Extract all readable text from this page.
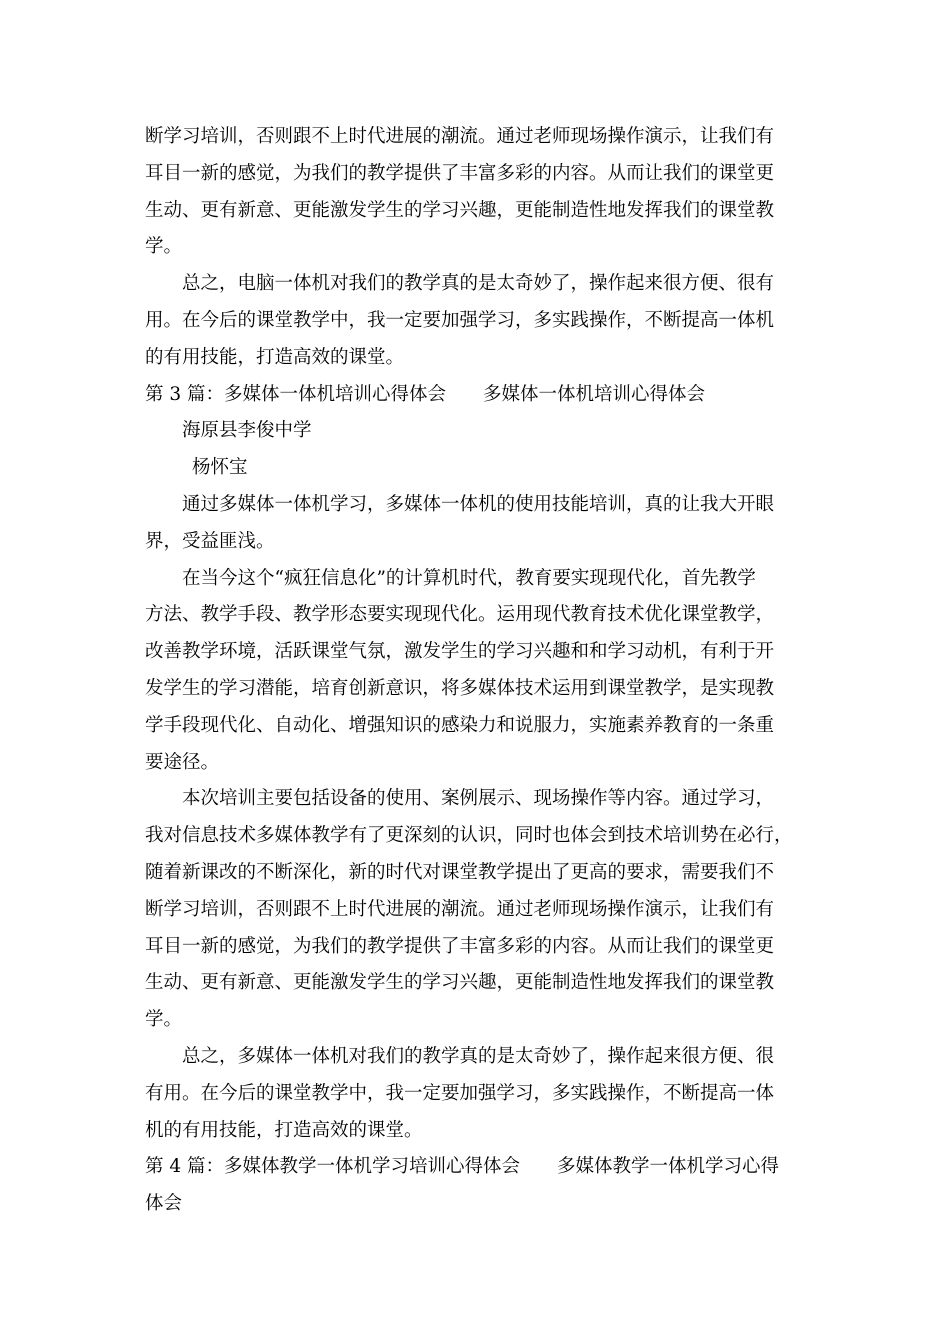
断学习培训，否则跟不上时代进展的潮流。通过老师现场操作演示，让我们有
耳目一新的感觉，为我们的教学提供了丰富多彩的内容。从而让我们的课堂更
生动、更有新意、更能激发学生的学习兴趣，更能制造性地发挥我们的课堂教
学。
总之，电脑一体机对我们的教学真的是太奇妙了，操作起来很方便、很有
用。在今后的课堂教学中，我一定要加强学习，多实践操作，不断提高一体机
的有用技能，打造高效的课堂。
第 3 篇：多媒体一体机培训心得体会　　多媒体一体机培训心得体会
海原县李俊中学
杨怀宝
通过多媒体一体机学习，多媒体一体机的使用技能培训，真的让我大开眼
界，受益匪浅。
在当今这个“疯狂信息化”的计算机时代，教育要实现现代化，首先教学
方法、教学手段、教学形态要实现现代化。运用现代教育技术优化课堂教学，
改善教学环境，活跃课堂气氛，激发学生的学习兴趣和和学习动机，有利于开
发学生的学习潜能，培育创新意识，将多媒体技术运用到课堂教学，是实现教
学手段现代化、自动化、增强知识的感染力和说服力，实施素养教育的一条重
要途径。
本次培训主要包括设备的使用、案例展示、现场操作等内容。通过学习，
我对信息技术多媒体教学有了更深刻的认识，同时也体会到技术培训势在必行，
随着新课改的不断深化，新的时代对课堂教学提出了更高的要求，需要我们不
断学习培训，否则跟不上时代进展的潮流。通过老师现场操作演示，让我们有
耳目一新的感觉，为我们的教学提供了丰富多彩的内容。从而让我们的课堂更
生动、更有新意、更能激发学生的学习兴趣，更能制造性地发挥我们的课堂教
学。
总之，多媒体一体机对我们的教学真的是太奇妙了，操作起来很方便、很
有用。在今后的课堂教学中，我一定要加强学习，多实践操作，不断提高一体
机的有用技能，打造高效的课堂。
第 4 篇：多媒体教学一体机学习培训心得体会　　多媒体教学一体机学习心得
体会
